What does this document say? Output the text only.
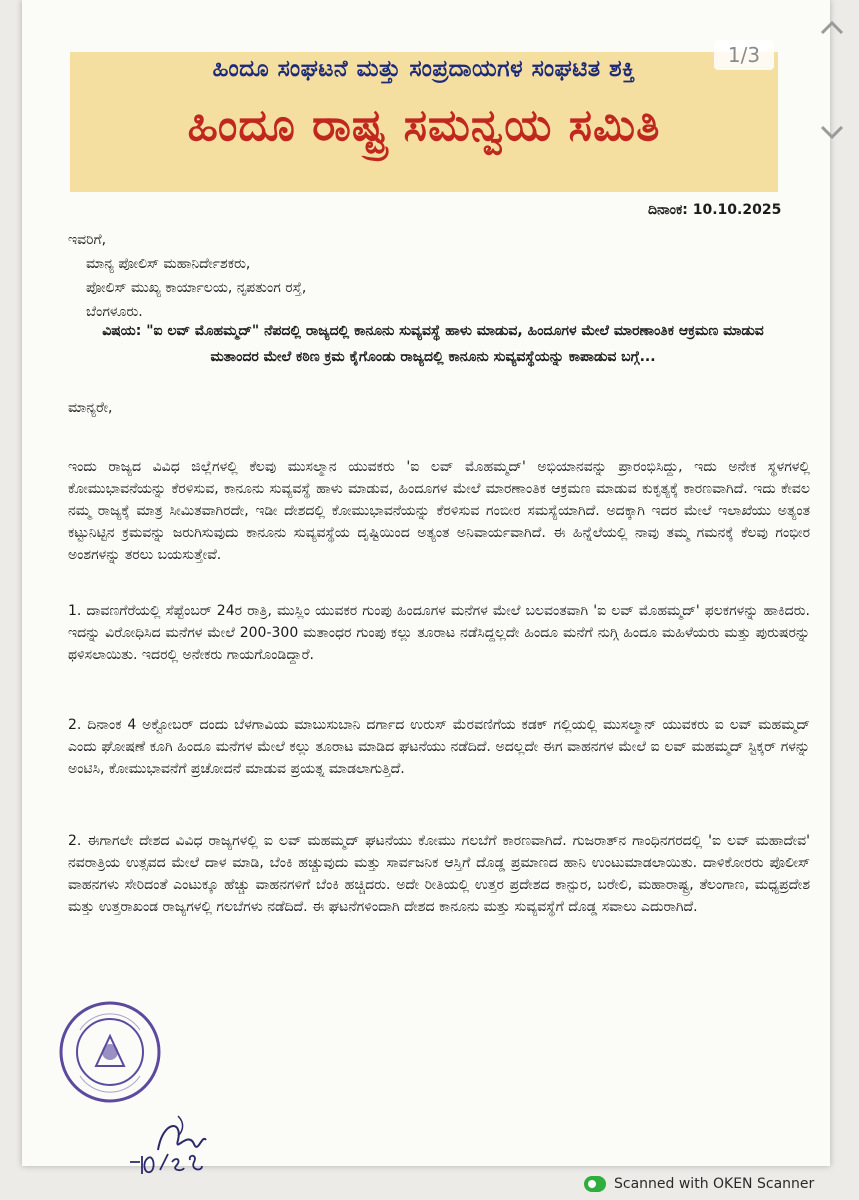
ಹಿಂದೂ ಸಂಘಟನೆ ಮತ್ತು ಸಂಪ್ರದಾಯಗಳ ಸಂಘಟಿತ ಶಕ್ತಿ
ಹಿಂದೂ ರಾಷ್ಟ್ರ ಸಮನ್ವಯ ಸಮಿತಿ
1/3
ದಿನಾಂಕ: 10.10.2025
ಇವರಿಗೆ,
ಮಾನ್ಯ ಪೋಲಿಸ್ ಮಹಾನಿರ್ದೇಶಕರು,
ಪೋಲಿಸ್ ಮುಖ್ಯ ಕಾರ್ಯಾಲಯ, ನೃಪತುಂಗ ರಸ್ತೆ,
ಬೆಂಗಳೂರು.
ವಿಷಯ: "ಐ ಲವ್ ಮೊಹಮ್ಮದ್" ನೆಪದಲ್ಲಿ ರಾಜ್ಯದಲ್ಲಿ ಕಾನೂನು ಸುವ್ಯವಸ್ಥೆ ಹಾಳು ಮಾಡುವ, ಹಿಂದೂಗಳ ಮೇಲೆ ಮಾರಣಾಂತಿಕ ಆಕ್ರಮಣ ಮಾಡುವ ಮತಾಂದರ ಮೇಲೆ ಕಠಿಣ ಕ್ರಮ ಕೈಗೊಂಡು ರಾಜ್ಯದಲ್ಲಿ ಕಾನೂನು ಸುವ್ಯವಸ್ಥೆಯನ್ನು ಕಾಪಾಡುವ ಬಗ್ಗೆ...
ಮಾನ್ಯರೇ,
ಇಂದು ರಾಜ್ಯದ ವಿವಿಧ ಜಿಲ್ಲೆಗಳಲ್ಲಿ ಕೆಲವು ಮುಸಲ್ಮಾನ ಯುವಕರು 'ಐ ಲವ್ ಮೊಹಮ್ಮದ್' ಅಭಿಯಾನವನ್ನು ಪ್ರಾರಂಭಿಸಿದ್ದು, ಇದು ಅನೇಕ ಸ್ಥಳಗಳಲ್ಲಿ ಕೋಮುಭಾವನೆಯನ್ನು ಕೆರಳಿಸುವ, ಕಾನೂನು ಸುವ್ಯವಸ್ಥೆ ಹಾಳು ಮಾಡುವ, ಹಿಂದೂಗಳ ಮೇಲೆ ಮಾರಣಾಂತಿಕ ಆಕ್ರಮಣ ಮಾಡುವ ಕುಕೃತ್ಯಕ್ಕೆ ಕಾರಣವಾಗಿದೆ. ಇದು ಕೇವಲ ನಮ್ಮ ರಾಜ್ಯಕ್ಕೆ ಮಾತ್ರ ಸೀಮಿತವಾಗಿರದೇ, ಇಡೀ ದೇಶದಲ್ಲಿ ಕೋಮುಭಾವನೆಯನ್ನು ಕೆರಳಿಸುವ ಗಂಬೀರ ಸಮಸ್ಯೆಯಾಗಿದೆ. ಅದಕ್ಕಾಗಿ ಇದರ ಮೇಲೆ ಇಲಾಖೆಯು ಅತ್ಯಂತ ಕಟ್ಟುನಿಟ್ಟಿನ ಕ್ರಮವನ್ನು ಜರುಗಿಸುವುದು ಕಾನೂನು ಸುವ್ಯವಸ್ಥೆಯ ದೃಷ್ಟಿಯಿಂದ ಅತ್ಯಂತ ಅನಿವಾರ್ಯವಾಗಿದೆ. ಈ ಹಿನ್ನೆಲೆಯಲ್ಲಿ ನಾವು ತಮ್ಮ ಗಮನಕ್ಕೆ ಕೆಲವು ಗಂಭೀರ ಅಂಶಗಳನ್ನು ತರಲು ಬಯಸುತ್ತೇವೆ.
1. ದಾವಣಗೆರೆಯಲ್ಲಿ ಸೆಪ್ಟೆಂಬರ್ 24ರ ರಾತ್ರಿ, ಮುಸ್ಲಿಂ ಯುವಕರ ಗುಂಪು ಹಿಂದೂಗಳ ಮನೆಗಳ ಮೇಲೆ ಬಲವಂತವಾಗಿ 'ಐ ಲವ್ ಮೊಹಮ್ಮದ್' ಫಲಕಗಳನ್ನು ಹಾಕಿದರು. ಇದನ್ನು ವಿರೋಧಿಸಿದ ಮನೆಗಳ ಮೇಲೆ 200-300 ಮತಾಂಧರ ಗುಂಪು ಕಲ್ಲು ತೂರಾಟ ನಡೆಸಿದ್ದಲ್ಲದೇ ಹಿಂದೂ ಮನೆಗೆ ನುಗ್ಗಿ ಹಿಂದೂ ಮಹಿಳೆಯರು ಮತ್ತು ಪುರುಷರನ್ನು ಥಳಿಸಲಾಯಿತು. ಇದರಲ್ಲಿ ಅನೇಕರು ಗಾಯಗೊಂಡಿದ್ದಾರೆ.
2. ದಿನಾಂಕ 4 ಅಕ್ಟೋಬರ್ ದಂದು ಬೆಳಗಾವಿಯ ಮಾಬುಸುಬಾನಿ ದರ್ಗಾದ ಉರುಸ್ ಮೆರವಣಿಗೆಯ ಕಡಕ್ ಗಲ್ಲಿಯಲ್ಲಿ ಮುಸಲ್ಮಾನ್ ಯುವಕರು ಐ ಲವ್ ಮಹಮ್ಮದ್ ಎಂದು ಘೋಷಣೆ ಕೂಗಿ ಹಿಂದೂ ಮನೆಗಳ ಮೇಲೆ ಕಲ್ಲು ತೂರಾಟ ಮಾಡಿದ ಘಟನೆಯು ನಡೆದಿದೆ. ಅದಲ್ಲದೇ ಈಗ ವಾಹನಗಳ ಮೇಲೆ ಐ ಲವ್ ಮಹಮ್ಮದ್ ಸ್ಟಿಕ್ಕರ್ ಗಳನ್ನು ಅಂಟಿಸಿ, ಕೋಮುಭಾವನೆಗೆ ಪ್ರಚೋದನೆ ಮಾಡುವ ಪ್ರಯತ್ನ ಮಾಡಲಾಗುತ್ತಿದೆ.
2. ಈಗಾಗಲೇ ದೇಶದ ವಿವಿಧ ರಾಜ್ಯಗಳಲ್ಲಿ ಐ ಲವ್ ಮಹಮ್ಮದ್ ಘಟನೆಯು ಕೋಮು ಗಲಬೆಗೆ ಕಾರಣವಾಗಿದೆ. ಗುಜರಾತ್‌ನ ಗಾಂಧಿನಗರದಲ್ಲಿ 'ಐ ಲವ್ ಮಹಾದೇವ' ನವರಾತ್ರಿಯ ಉತ್ಸವದ ಮೇಲೆ ದಾಳ ಮಾಡಿ, ಬೆಂಕಿ ಹಚ್ಚುವುದು ಮತ್ತು ಸಾರ್ವಜನಿಕ ಆಸ್ತಿಗೆ ದೊಡ್ಡ ಪ್ರಮಾಣದ ಹಾನಿ ಉಂಟುಮಾಡಲಾಯಿತು. ದಾಳಿಕೋರರು ಪೊಲೀಸ್ ವಾಹನಗಳು ಸೇರಿದಂತೆ ಎಂಟುಕ್ಕೂ ಹೆಚ್ಚು ವಾಹನಗಳಿಗೆ ಬೆಂಕಿ ಹಚ್ಚಿದರು. ಅದೇ ರೀತಿಯಲ್ಲಿ ಉತ್ತರ ಪ್ರದೇಶದ ಕಾನ್ಪುರ, ಬರೇಲಿ, ಮಹಾರಾಷ್ಟ್ರ, ತೆಲಂಗಾಣ, ಮಧ್ಯಪ್ರದೇಶ ಮತ್ತು ಉತ್ತರಾಖಂಡ ರಾಜ್ಯಗಳಲ್ಲಿ ಗಲಬೆಗಳು ನಡೆದಿದೆ. ಈ ಘಟನೆಗಳಿಂದಾಗಿ ದೇಶದ ಕಾನೂನು ಮತ್ತು ಸುವ್ಯವಸ್ಥೆಗೆ ದೊಡ್ಡ ಸವಾಲು ಎದುರಾಗಿದೆ.
Scanned with OKEN Scanner
